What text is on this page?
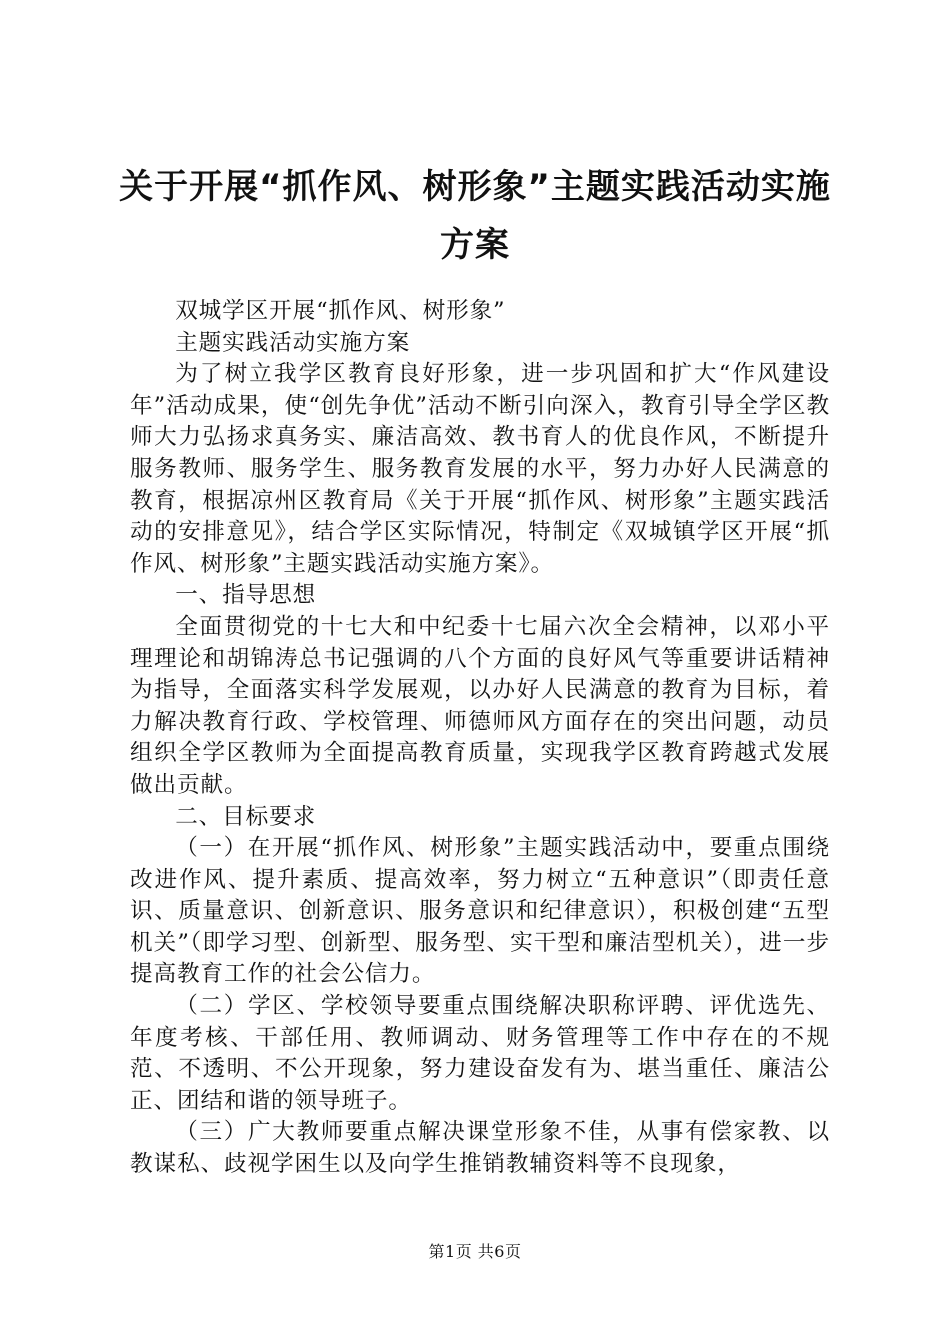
关于开展“抓作风、树形象”主题实践活动实施方案

双城学区开展“抓作风、树形象”

主题实践活动实施方案

为了树立我学区教育良好形象，进一步巩固和扩大“作风建设年”活动成果，使“创先争优”活动不断引向深入，教育引导全学区教师大力弘扬求真务实、廉洁高效、教书育人的优良作风，不断提升服务教师、服务学生、服务教育发展的水平，努力办好人民满意的教育，根据凉州区教育局《关于开展“抓作风、树形象”主题实践活动的安排意见》，结合学区实际情况，特制定《双城镇学区开展“抓作风、树形象”主题实践活动实施方案》。

一、指导思想

全面贯彻党的十七大和中纪委十七届六次全会精神，以邓小平理理论和胡锦涛总书记强调的八个方面的良好风气等重要讲话精神为指导，全面落实科学发展观，以办好人民满意的教育为目标，着力解决教育行政、学校管理、师德师风方面存在的突出问题，动员组织全学区教师为全面提高教育质量，实现我学区教育跨越式发展做出贡献。

二、目标要求

（一）在开展“抓作风、树形象”主题实践活动中，要重点围绕改进作风、提升素质、提高效率，努力树立“五种意识”（即责任意识、质量意识、创新意识、服务意识和纪律意识），积极创建“五型机关”（即学习型、创新型、服务型、实干型和廉洁型机关），进一步提高教育工作的社会公信力。

（二）学区、学校领导要重点围绕解决职称评聘、评优选先、年度考核、干部任用、教师调动、财务管理等工作中存在的不规范、不透明、不公开现象，努力建设奋发有为、堪当重任、廉洁公正、团结和谐的领导班子。

（三）广大教师要重点解决课堂形象不佳，从事有偿家教、以教谋私、歧视学困生以及向学生推销教辅资料等不良现象，

第1页 共6页
